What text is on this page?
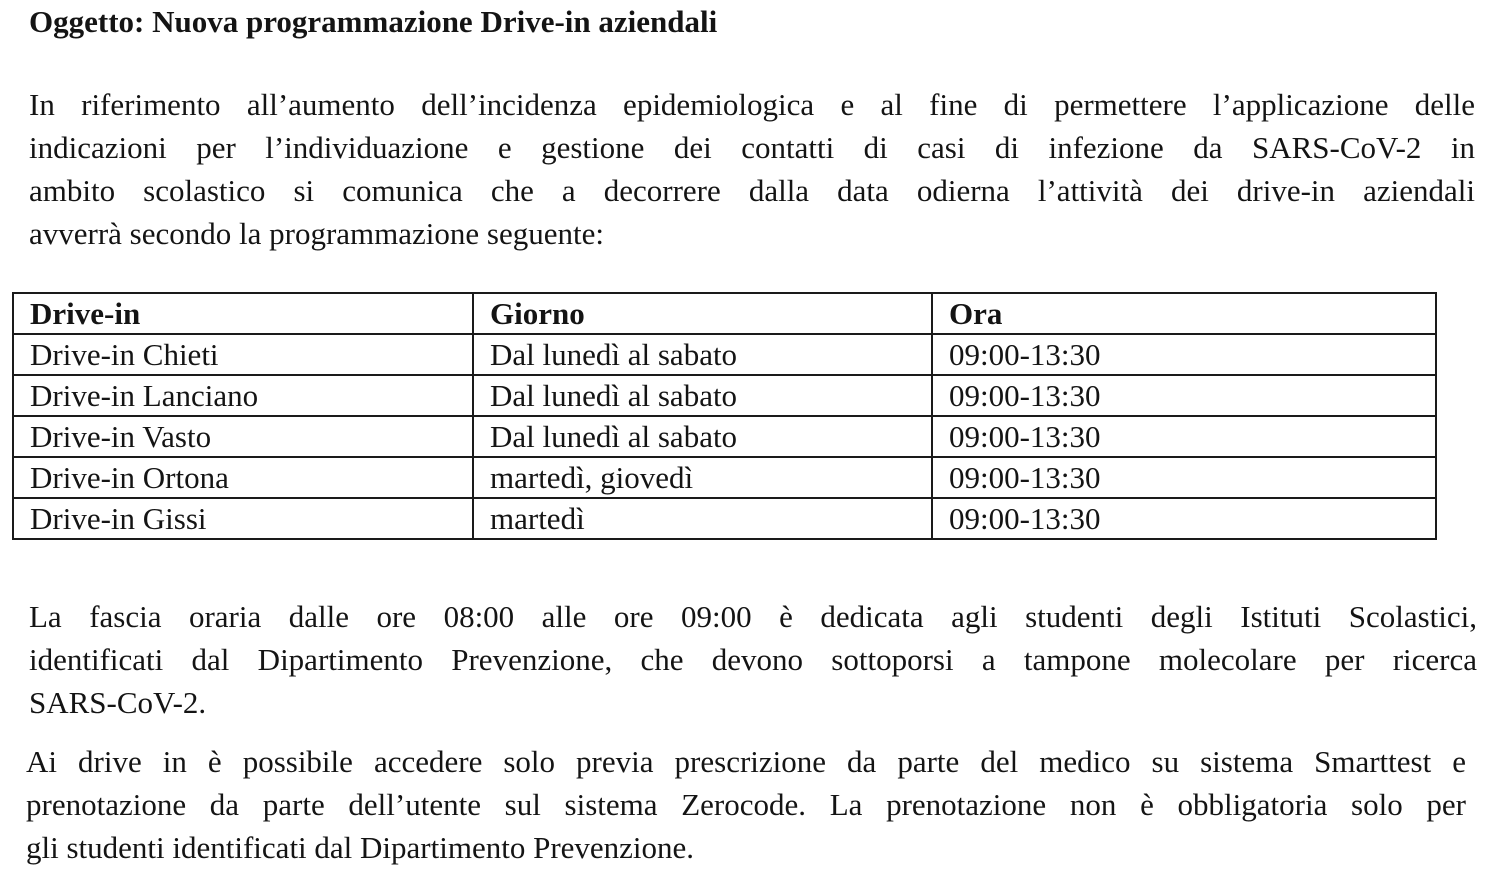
Oggetto: Nuova programmazione Drive-in aziendali

In riferimento all’aumento dell’incidenza epidemiologica e al fine di permettere l’applicazione delle
indicazioni per l’individuazione e gestione dei contatti di casi di infezione da SARS-CoV-2 in
ambito scolastico si comunica che a decorrere dalla data odierna l’attività dei drive-in aziendali
avverrà secondo la programmazione seguente:

Drive-in	Giorno	Ora
Drive-in Chieti	Dal lunedì al sabato	09:00-13:30
Drive-in Lanciano	Dal lunedì al sabato	09:00-13:30
Drive-in Vasto	Dal lunedì al sabato	09:00-13:30
Drive-in Ortona	martedì, giovedì	09:00-13:30
Drive-in Gissi	martedì	09:00-13:30

La fascia oraria dalle ore 08:00 alle ore 09:00 è dedicata agli studenti degli Istituti Scolastici,
identificati dal Dipartimento Prevenzione, che devono sottoporsi a tampone molecolare per ricerca
SARS-CoV-2.

Ai drive in è possibile accedere solo previa prescrizione da parte del medico su sistema Smarttest e
prenotazione da parte dell’utente sul sistema Zerocode. La prenotazione non è obbligatoria solo per
gli studenti identificati dal Dipartimento Prevenzione.
